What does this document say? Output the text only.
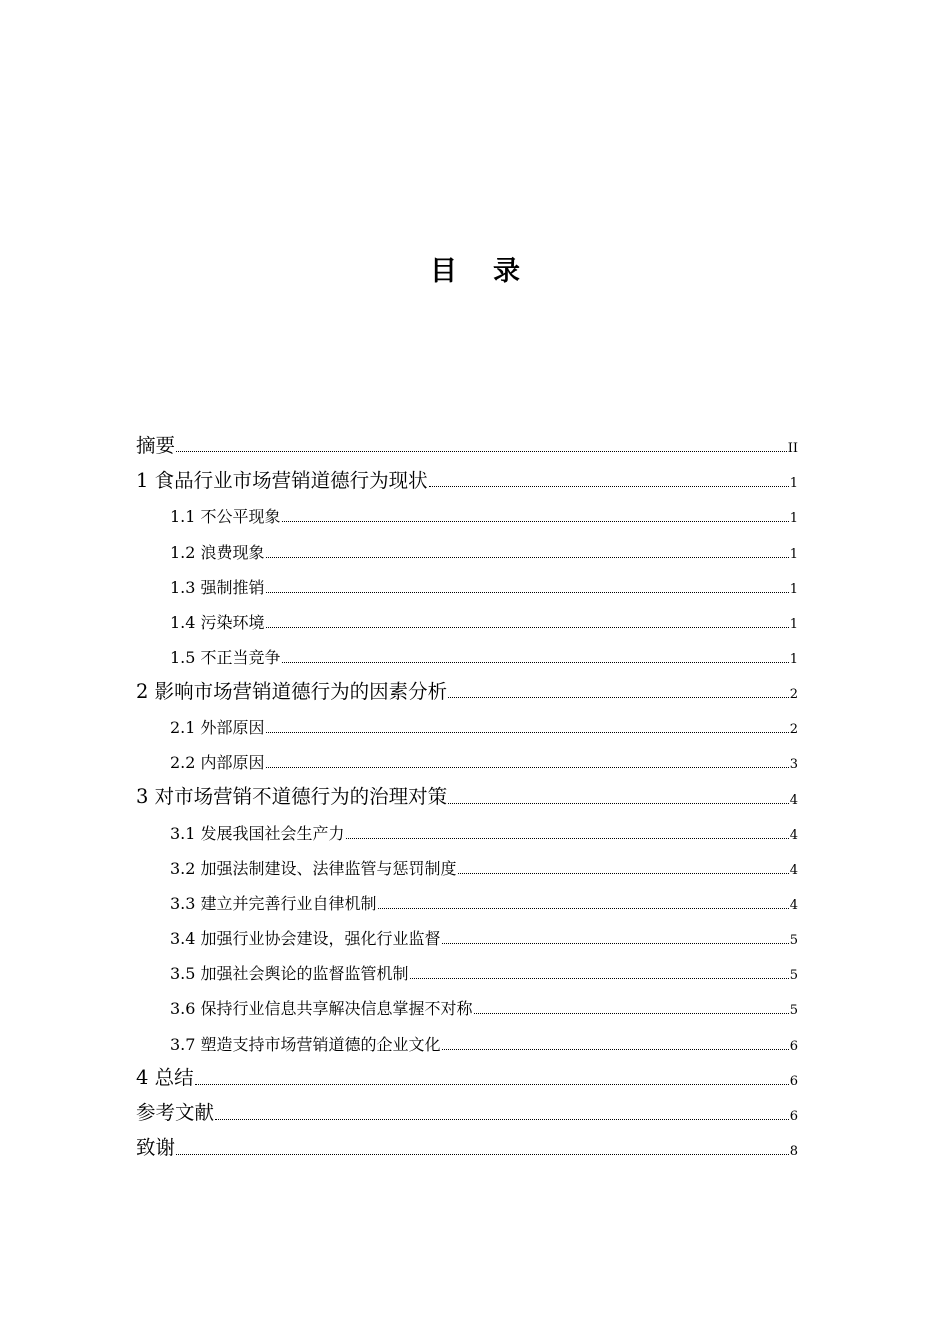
目录
摘要	II
1 食品行业市场营销道德行为现状	1
1.1 不公平现象	1
1.2 浪费现象	1
1.3 强制推销	1
1.4 污染环境	1
1.5 不正当竞争	1
2 影响市场营销道德行为的因素分析	2
2.1 外部原因	2
2.2 内部原因	3
3 对市场营销不道德行为的治理对策	4
3.1 发展我国社会生产力	4
3.2 加强法制建设、法律监管与惩罚制度	4
3.3 建立并完善行业自律机制	4
3.4 加强行业协会建设，强化行业监督	5
3.5 加强社会舆论的监督监管机制	5
3.6 保持行业信息共享解决信息掌握不对称	5
3.7 塑造支持市场营销道德的企业文化	6
4 总结	6
参考文献	6
致谢	8
